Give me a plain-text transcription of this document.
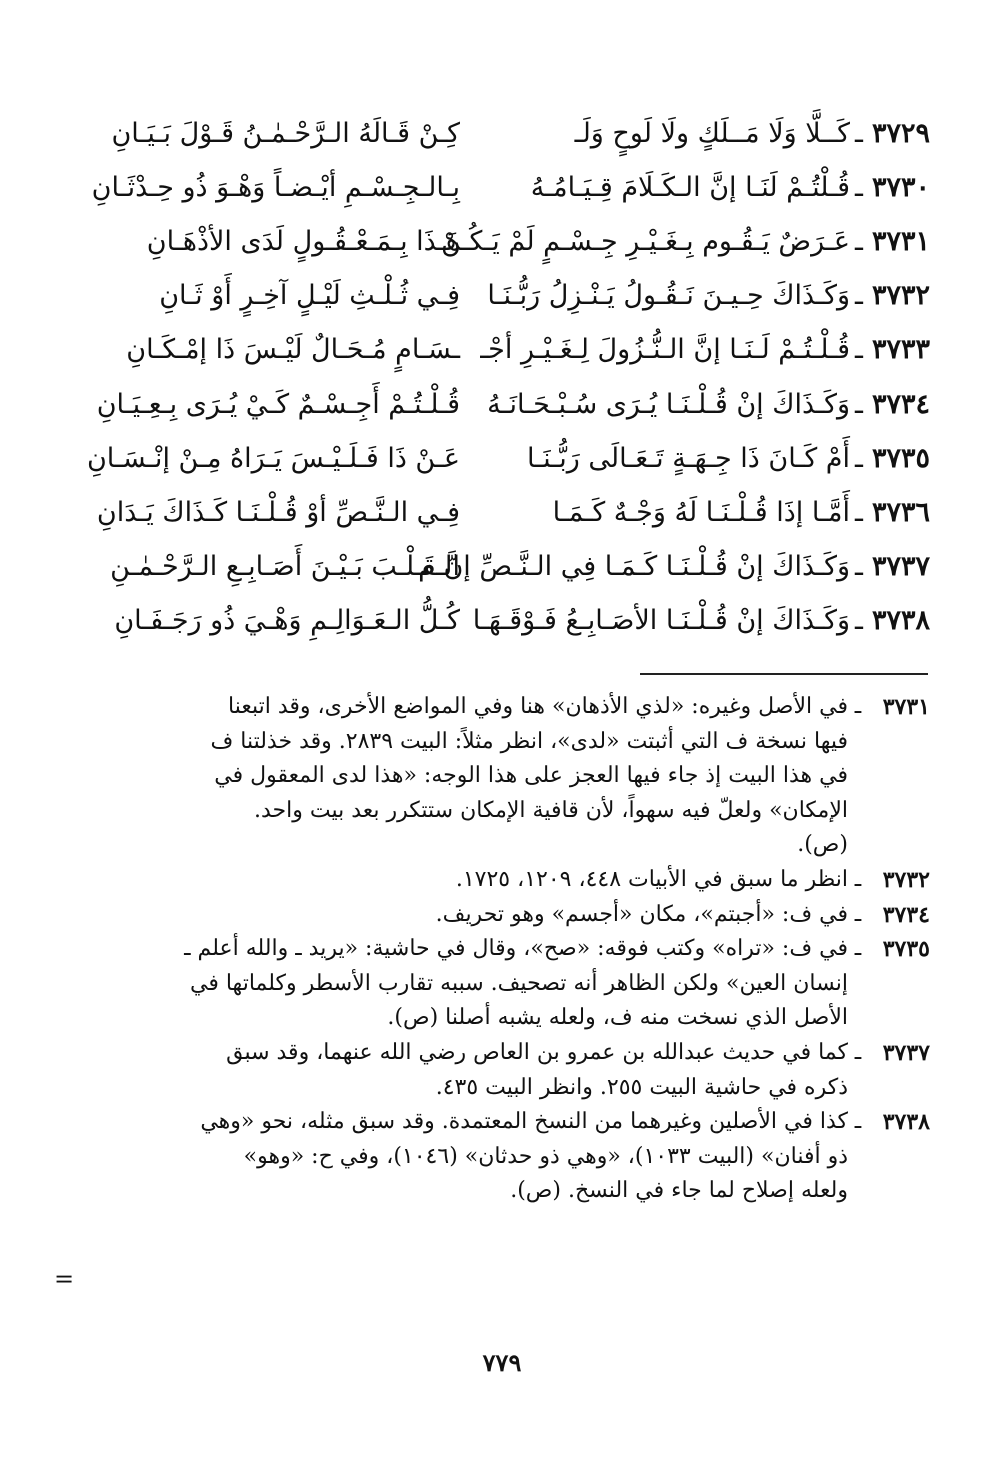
٣٧٢٩
ـ
كَــلَّا وَلَا مَــلَكٍ ولَا لَوحٍ وَلَـ
كِـنْ قَـالَهُ الـرَّحْـمٰـنُ قَـوْلَ بَـيَـانِ
٣٧٣٠
ـ
قُـلْتُـمْ لَنَـا إنَّ الـكَـلَامَ قِـيَـامُـهُ
بِـالـجِـسْـمِ أيْـضـاً وَهْـوَ ذُو حِـدْثَـانِ
٣٧٣١
ـ
عَـرَضٌ يَـقُـوم بِـغَـيْـرِ جِـسْـمٍ لَمْ يَـكُـنْ
هَـذَا بِـمَـعْـقُـولٍ لَدَى الأذْهَـانِ
٣٧٣٢
ـ
وَكَـذَاكَ حِـيـنَ نَـقُـولُ يَـنْـزِلُ رَبُّـنَـا
فِـي ثُـلْـثِ لَيْـلٍ آخِـرٍ أَوْ ثَـانِ
٣٧٣٣
ـ
قُـلْـتُـمْ لَـنَـا إنَّ الـنُّـزُولَ لِـغَـيْـرِ أجْـ
ـسَـامٍ مُـحَـالٌ لَيْـسَ ذَا إمْـكَـانِ
٣٧٣٤
ـ
وَكَـذَاكَ إنْ قُـلْـنَـا يُـرَى سُـبْـحَـانَـهُ
قُـلْـتُـمْ أَجِـسْـمٌ كَـيْ يُـرَى بِـعِـيَـانِ
٣٧٣٥
ـ
أَمْ كَـانَ ذَا جِـهَـةٍ تَـعَـالَى رَبُّـنَـا
عَـنْ ذَا فَـلَـيْـسَ يَـرَاهُ مِـنْ إنْـسَـانِ
٣٧٣٦
ـ
أَمَّـا إذَا قُـلْـنَـا لَهُ وَجْـهٌ كَـمَـا
فِـي الـنَّـصِّ أوْ قُـلْـنَـا كَـذَاكَ يَـدَانِ
٣٧٣٧
ـ
وَكَـذَاكَ إنْ قُـلْـنَـا كَـمَـا فِي الـنَّـصِّ إنَّ م
الـقَـلْـبَ بَـيْـنَ أَصَـابِـعِ الـرَّحْـمٰـنِ
٣٧٣٨
ـ
وَكَـذَاكَ إنْ قُـلْـنَـا الأصَـابِـعُ فَـوْقَـهَـا
كُـلُّ الـعَـوَالِـمِ وَهْـيَ ذُو رَجَـفَـانِ
٣٧٣١
ـ
في الأصل وغيره: «لذي الأذهان» هنا وفي المواضع الأخرى، وقد اتبعنا
فيها نسخة ف التي أثبتت «لدى»، انظر مثلاً: البيت ٢٨٣٩. وقد خذلتنا ف
في هذا البيت إذ جاء فيها العجز على هذا الوجه: «هذا لدى المعقول في
الإمكان» ولعلّ فيه سهواً، لأن قافية الإمكان ستتكرر بعد بيت واحد.
(ص).
٣٧٣٢
ـ
انظر ما سبق في الأبيات ٤٤٨، ١٢٠٩، ١٧٢٥.
٣٧٣٤
ـ
في ف: «أجبتم»، مكان «أجسم» وهو تحريف.
٣٧٣٥
ـ
في ف: «تراه» وكتب فوقه: «صح»، وقال في حاشية: «يريد ـ والله أعلم ـ
إنسان العين» ولكن الظاهر أنه تصحيف. سببه تقارب الأسطر وكلماتها في
الأصل الذي نسخت منه ف، ولعله يشبه أصلنا (ص).
٣٧٣٧
ـ
كما في حديث عبدالله بن عمرو بن العاص رضي الله عنهما، وقد سبق
ذكره في حاشية البيت ٢٥٥. وانظر البيت ٤٣٥.
٣٧٣٨
ـ
كذا في الأصلين وغيرهما من النسخ المعتمدة. وقد سبق مثله، نحو «وهي
ذو أفنان» (البيت ١٠٣٣)، «وهي ذو حدثان» (١٠٤٦)، وفي ح: «وهو»
ولعله إصلاح لما جاء في النسخ. (ص).
=
٧٧٩
